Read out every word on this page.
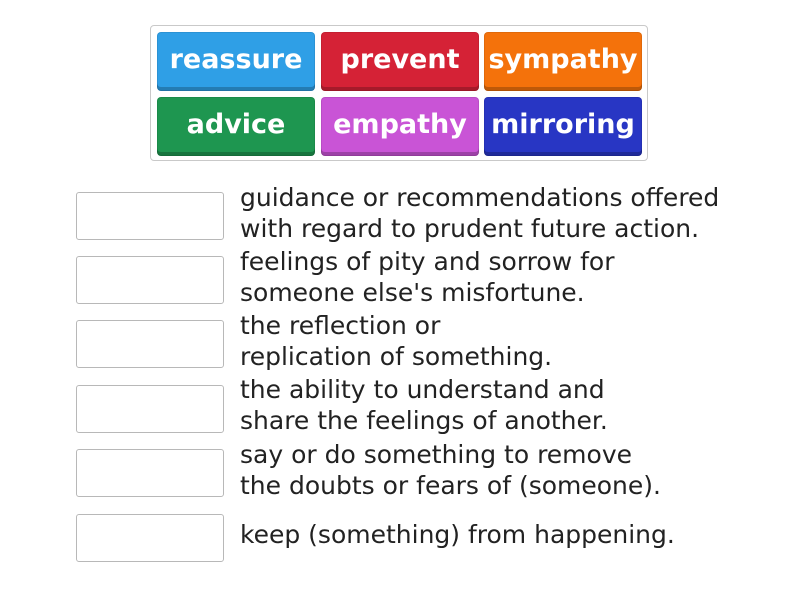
reassure	prevent	sympathy
advice	empathy mirroring
guidance or recommendations offered
with regard to prudent future action.
feelings of pity and sorrow for
someone else's misfortune.
the reflection or
replication of something.
the ability to understand and
share the feelings of another.
say or do something to remove
the doubts or fears of (someone).
keep (something) from happening.
